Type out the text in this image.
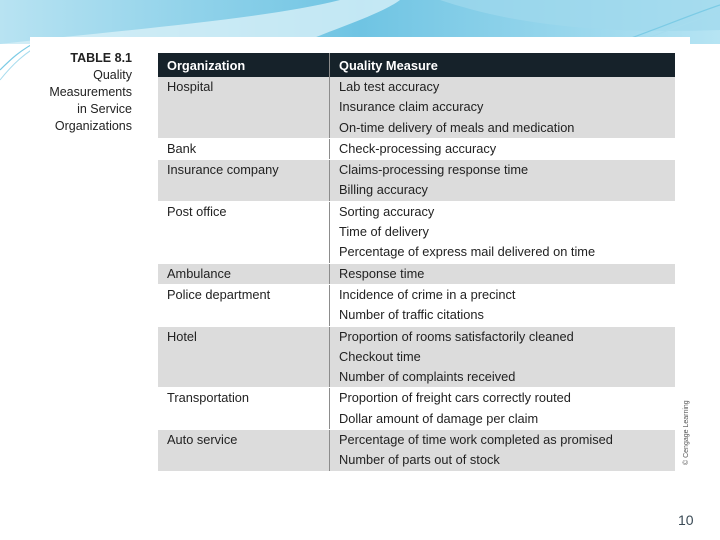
TABLE 8.1
Quality Measurements in Service Organizations
Organization	Quality Measure

Hospital	Lab test accuracy
Insurance claim accuracy
On-time delivery of meals and medication

Bank	Check-processing accuracy

Insurance company	Claims-processing response time
Billing accuracy

Post office	Sorting accuracy
Time of delivery
Percentage of express mail delivered on time

Ambulance	Response time

Police department	Incidence of crime in a precinct
Number of traffic citations

Hotel	Proportion of rooms satisfactorily cleaned
Checkout time
Number of complaints received

Transportation	Proportion of freight cars correctly routed
Dollar amount of damage per claim

Auto service	Percentage of time work completed as promised
Number of parts out of stock	© Cengage Learning
10
